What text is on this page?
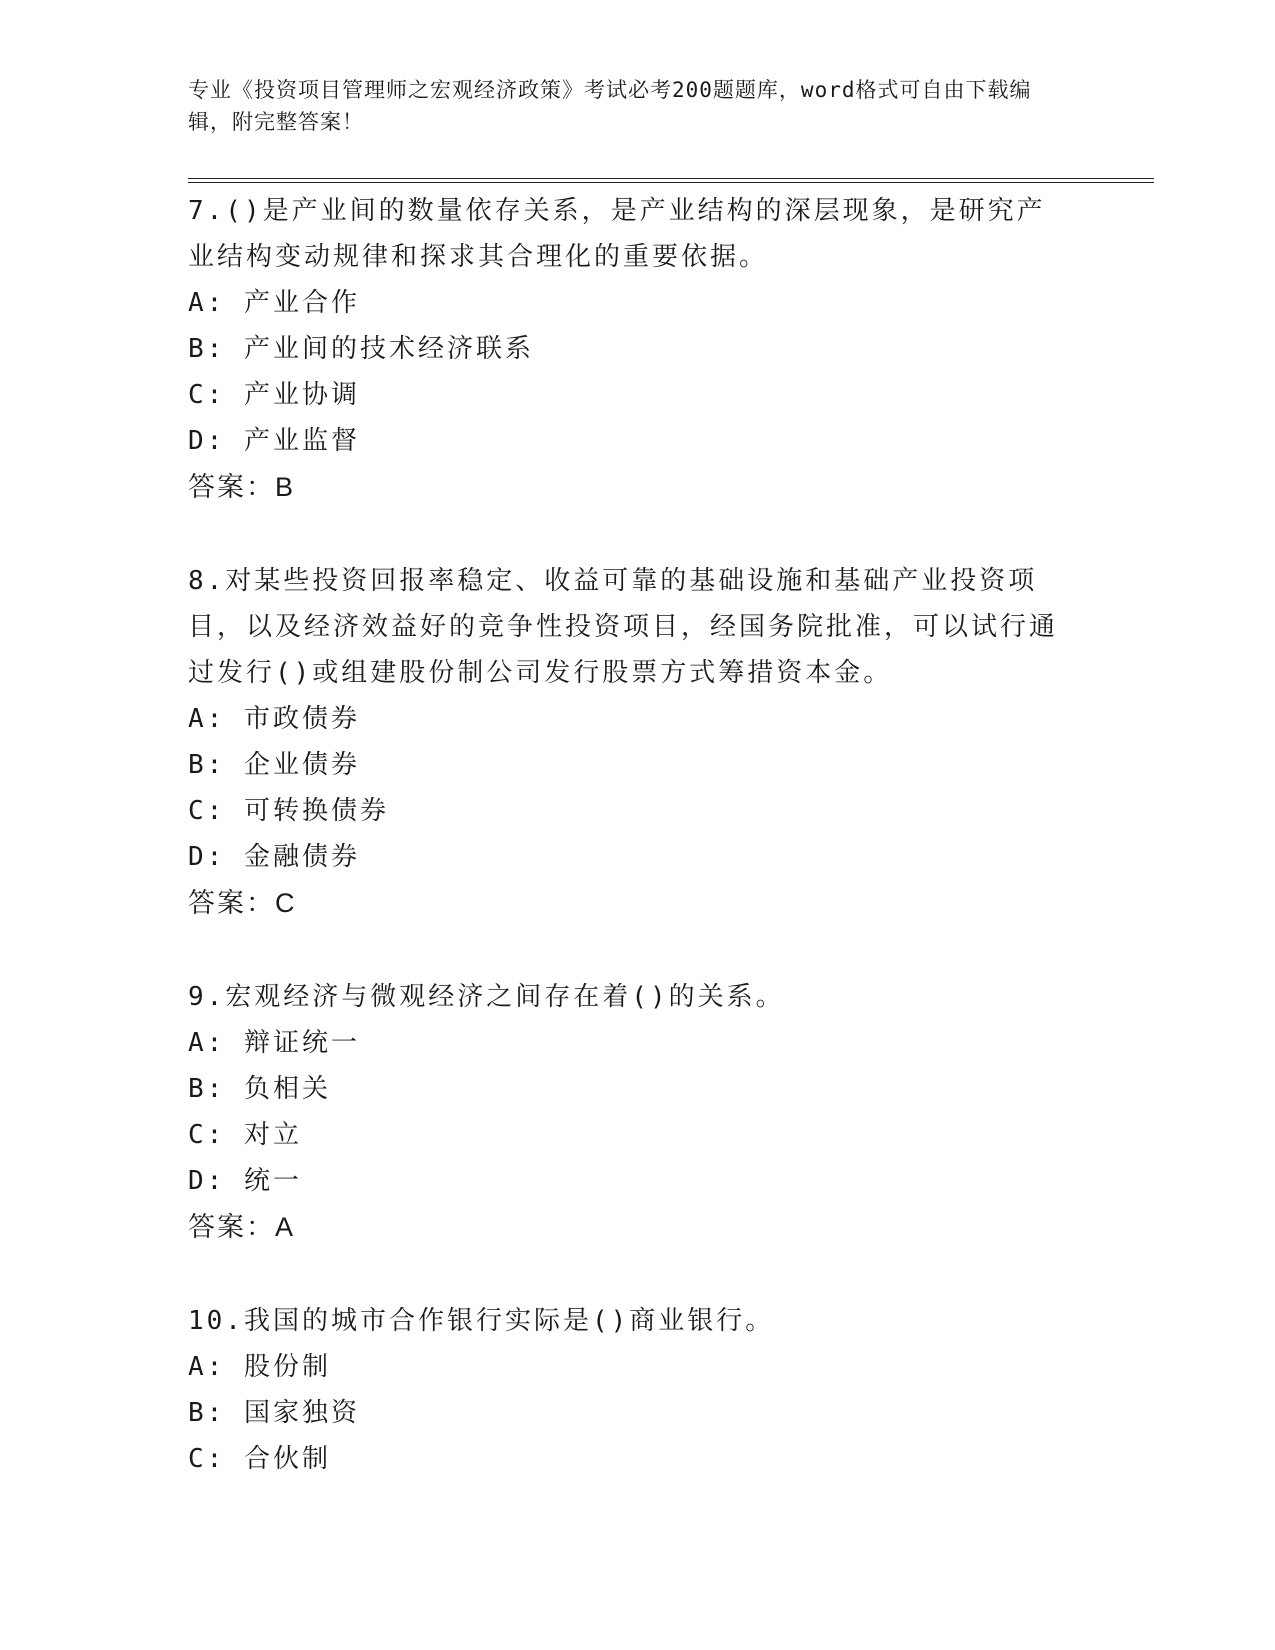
专业《投资项目管理师之宏观经济政策》考试必考200题题库，word格式可自由下载编辑，附完整答案！
7.()是产业间的数量依存关系，是产业结构的深层现象，是研究产业结构变动规律和探求其合理化的重要依据。
A: 产业合作
B: 产业间的技术经济联系
C: 产业协调
D: 产业监督
答案：B
8.对某些投资回报率稳定、收益可靠的基础设施和基础产业投资项目，以及经济效益好的竞争性投资项目，经国务院批准，可以试行通过发行()或组建股份制公司发行股票方式筹措资本金。
A: 市政债券
B: 企业债券
C: 可转换债券
D: 金融债券
答案：C
9.宏观经济与微观经济之间存在着()的关系。
A: 辩证统一
B: 负相关
C: 对立
D: 统一
答案：A
10.我国的城市合作银行实际是()商业银行。
A: 股份制
B: 国家独资
C: 合伙制
